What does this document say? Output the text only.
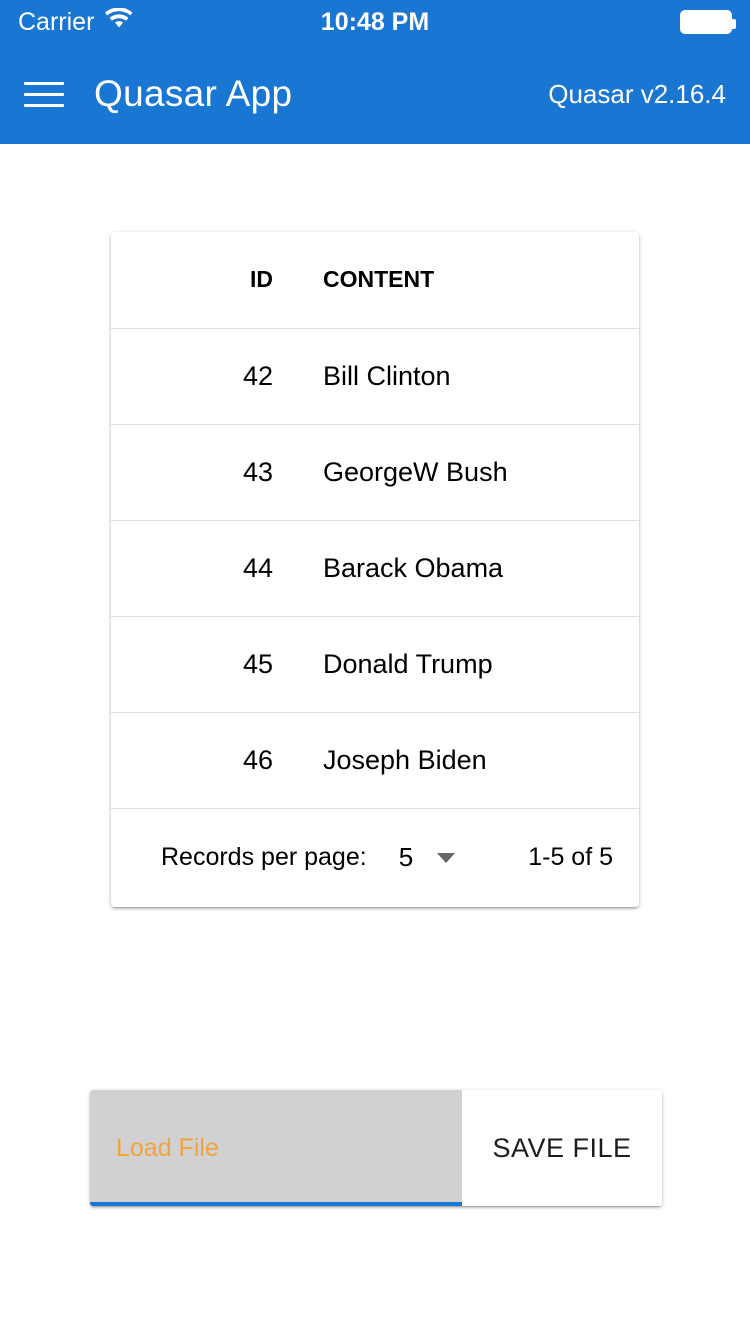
Carrier	10:48 PM
Quasar App	Quasar v2.16.4
ID	CONTENT
42	Bill Clinton
43	GeorgeW Bush
44	Barack Obama
45	Donald Trump
46	Joseph Biden
Records per page: 5	1-5 of 5
Load File	SAVE FILE
